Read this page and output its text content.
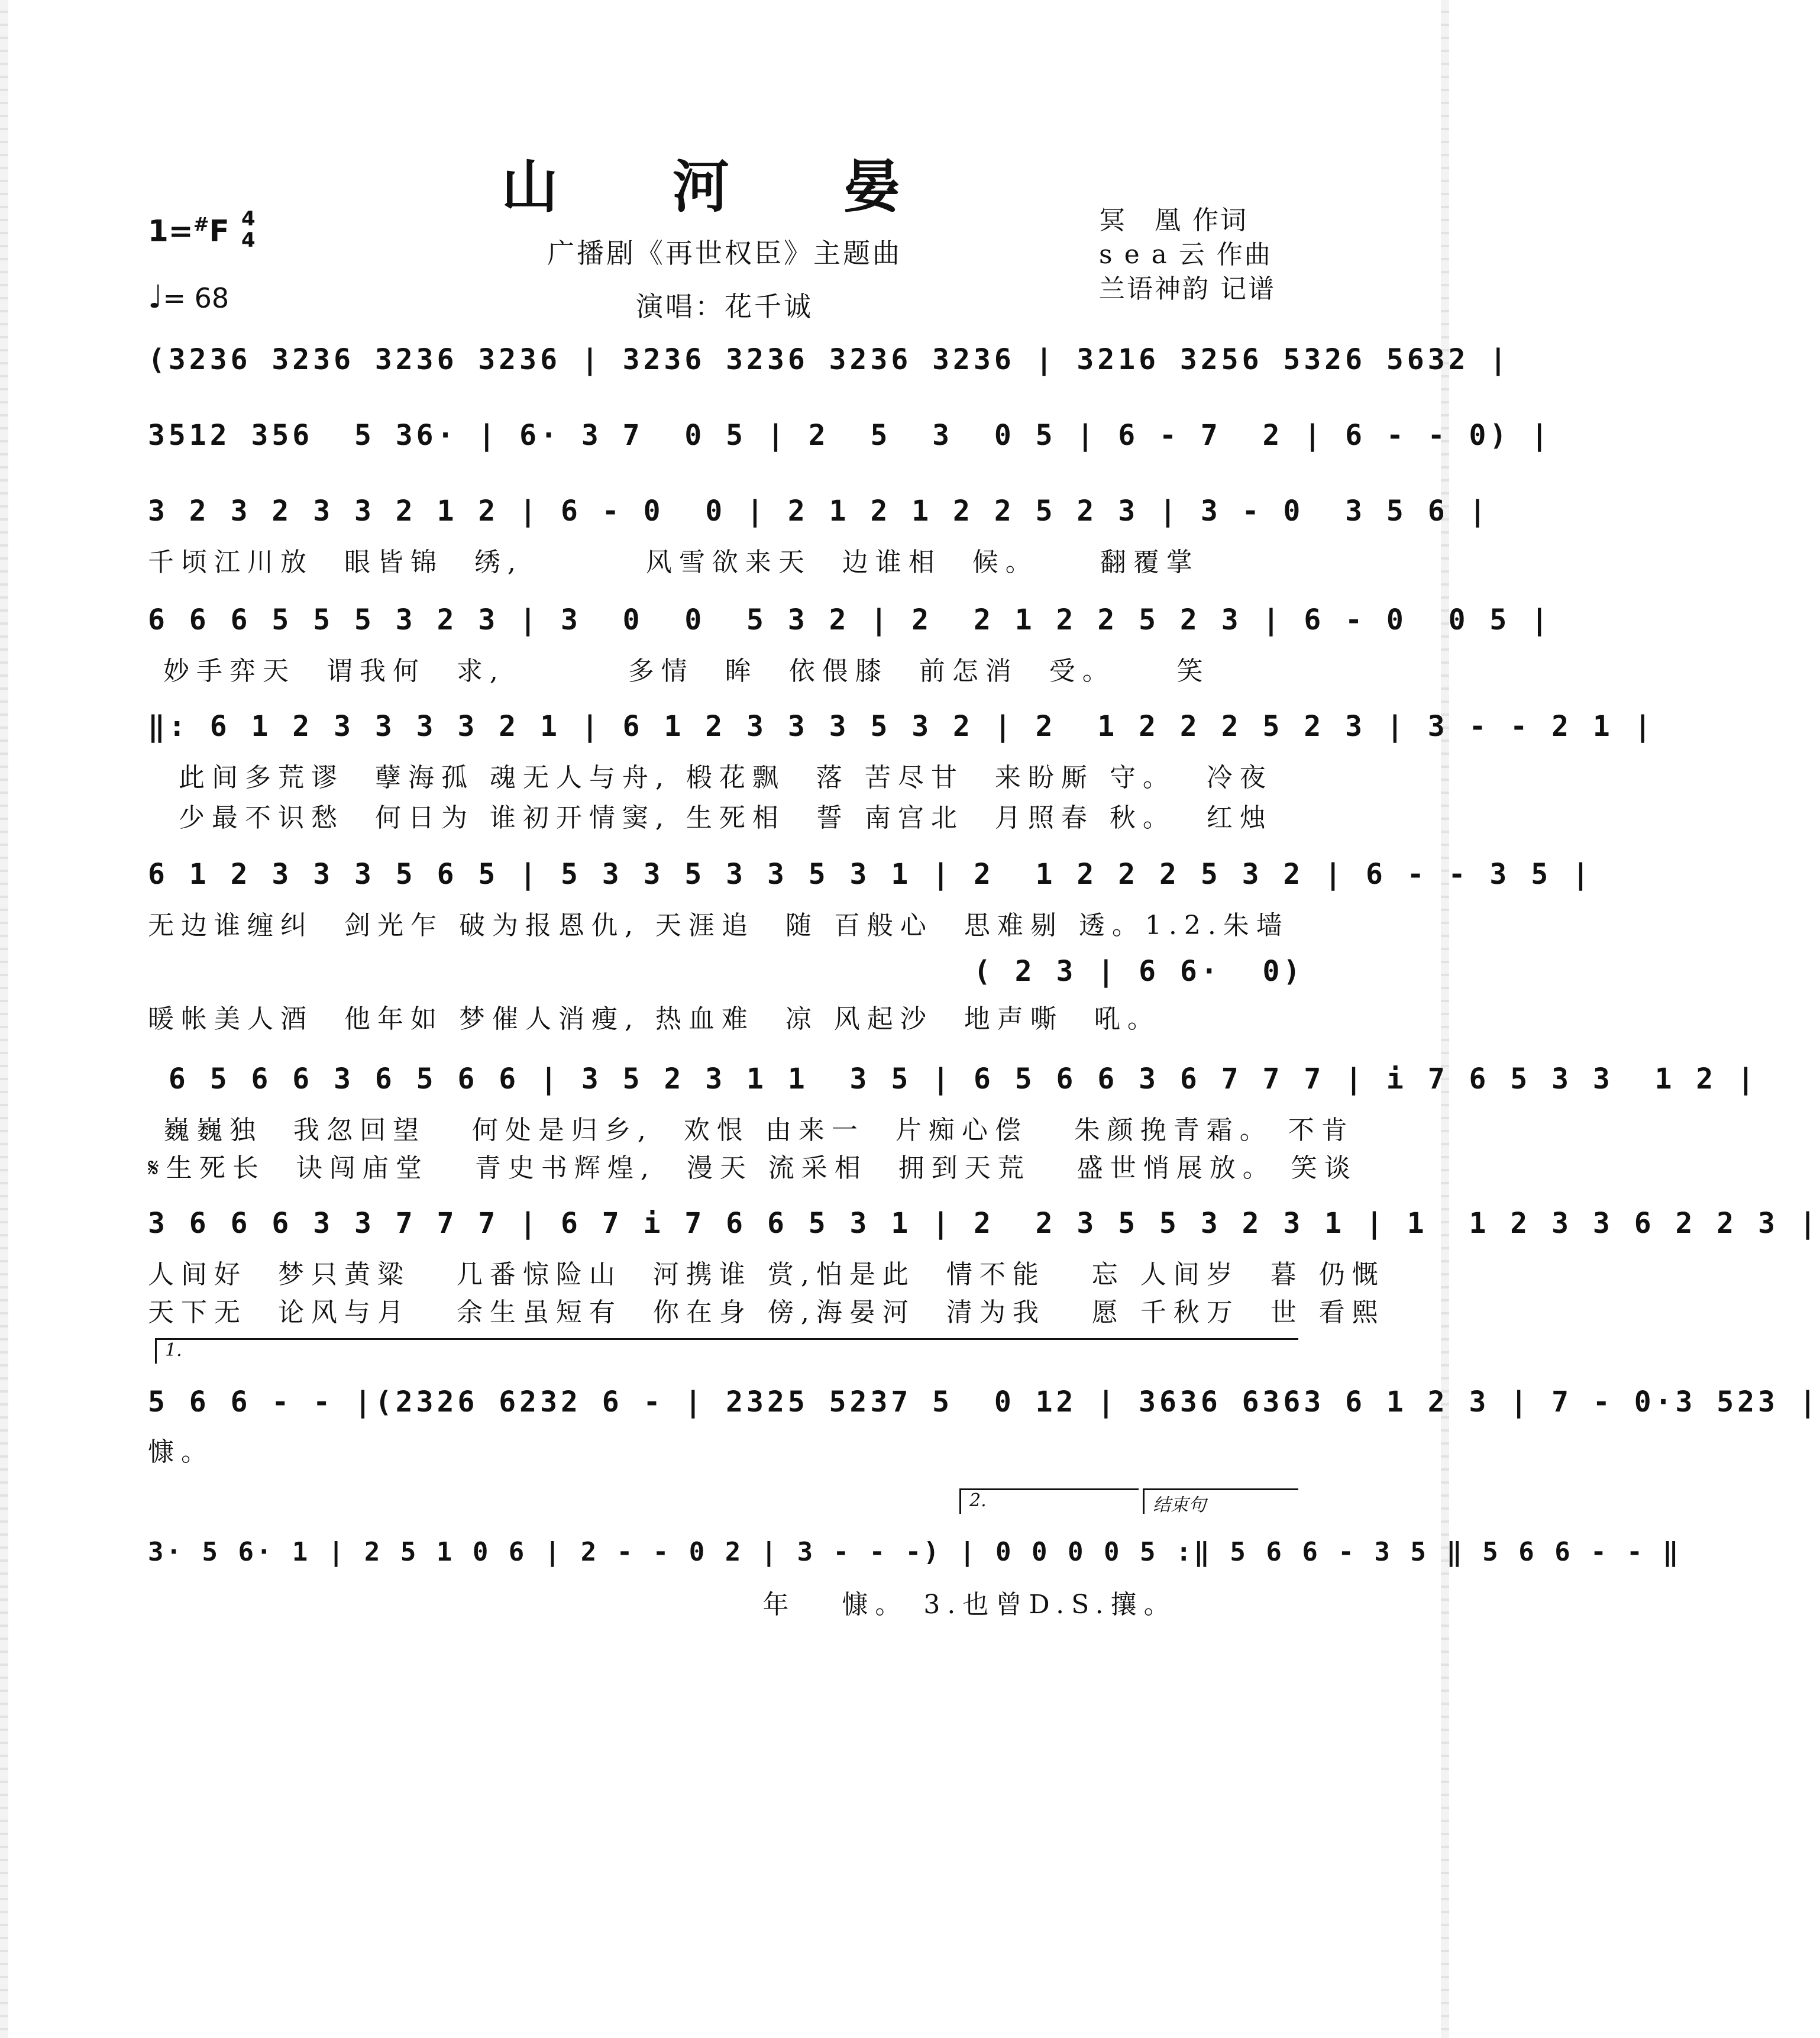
山 河 晏
广播剧《再世权臣》主题曲
演唱：花千诚
1=#F 4
4
♩= 68
冥　凰 作词
s e a 云 作曲
兰语神韵 记谱
(3236 3236 3236 3236 | 3236 3236 3236 3236 | 3216 3256 5326 5632 |
3512 356  5 36· | 6· 3 7  0 5 | 2  5  3  0 5 | 6 - 7  2 | 6 - - 0) |
3 2 3 2 3 3 2 1 2 | 6 - 0  0 | 2 1 2 1 2 2 5 2 3 | 3 - 0  3 5 6 |
千顷江川放  眼皆锦  绣,        风雪欲来天  边谁相  候。    翻覆掌
6 6 6 5 5 5 3 2 3 | 3  0  0  5 3 2 | 2  2 1 2 2 5 2 3 | 6 - 0  0 5 |
妙手弈天  谓我何  求,        多情  眸  依偎膝  前怎消  受。    笑
‖: 6 1 2 3 3 3 3 2 1 | 6 1 2 3 3 3 5 3 2 | 2  1 2 2 2 5 2 3 | 3 - - 2 1 |
此间多荒谬  孽海孤 魂无人与舟, 椴花飘  落 苦尽甘  来盼厮 守。  冷夜
少最不识愁  何日为 谁初开情窦, 生死相  誓 南宫北  月照春 秋。  红烛
6 1 2 3 3 3 5 6 5 | 5 3 3 5 3 3 5 3 1 | 2  1 2 2 2 5 3 2 | 6 - - 3 5 |
无边谁缠纠  剑光乍 破为报恩仇, 天涯追  随 百般心  思难剔 透。1.2.朱墙
( 2 3 | 6 6·  0)
暖帐美人酒  他年如 梦催人消瘦, 热血难  凉 风起沙  地声嘶  吼。
6 5 6 6 3 6 5 6 6 | 3 5 2 3 1 1  3 5 | 6 5 6 6 3 6 7 7 7 | i 7 6 5 3 3  1 2 |
巍巍独  我忽回望   何处是归乡,  欢恨 由来一  片痴心偿   朱颜挽青霜。 不肯
𝄋生死长  诀闯庙堂   青史书辉煌,  漫天 流采相  拥到天荒   盛世悄展放。 笑谈
3 6 6 6 3 3 7 7 7 | 6 7 i 7 6 6 5 3 1 | 2  2 3 5 5 3 2 3 1 | 1  1 2 3 3 6 2 2 3 |
人间好  梦只黄粱   几番惊险山  河携谁 赏,怕是此  情不能   忘 人间岁  暮 仍慨
天下无  论风与月   余生虽短有  你在身 傍,海晏河  清为我   愿 千秋万  世 看熙
1.
5 6 6 - - |(2326 6232 6 - | 2325 5237 5  0 12 | 3636 6363 6 1 2 3 | 7 - 0·3 523 |
慷。
2.	结束句
3· 5 6· 1 | 2 5 1 0 6 | 2 - - 0 2 | 3 - - -) | 0 0 0 0 5 :‖ 5 6 6 - 3 5 ‖ 5 6 6 - - ‖
年   慷。 3.也曾D.S.攘。
